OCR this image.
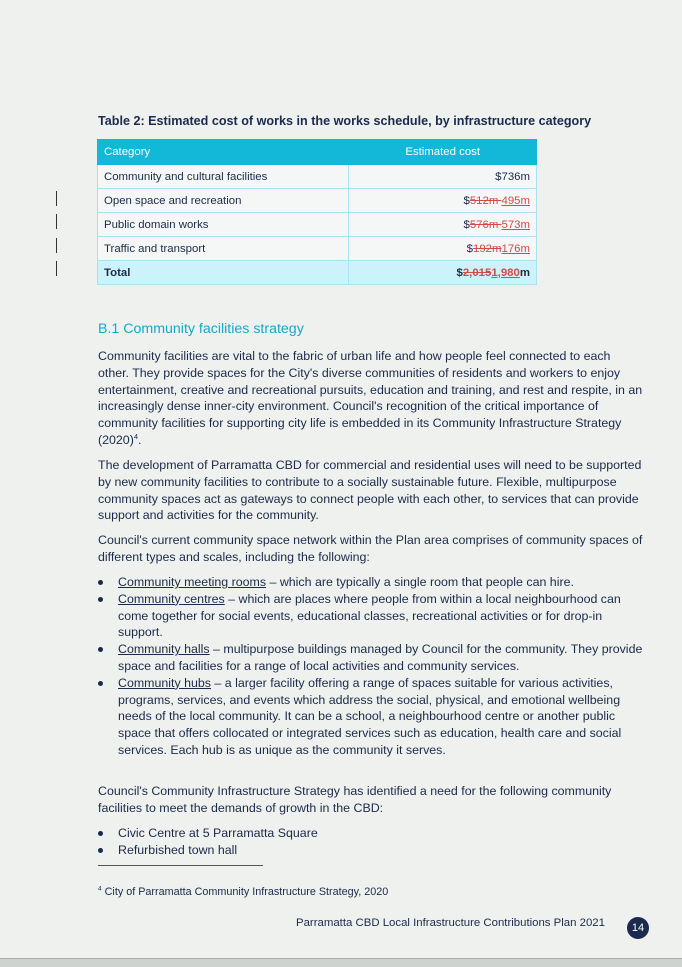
Table 2: Estimated cost of works in the works schedule, by infrastructure category
Category	Estimated cost
Community and cultural facilities	$736m
Open space and recreation	$512m 495m
Public domain works	$576m 573m
Traffic and transport	$192m176m
Total	$2,0151,980m
B.1 Community facilities strategy

Community facilities are vital to the fabric of urban life and how people feel connected to each other. They provide spaces for the City's diverse communities of residents and workers to enjoy entertainment, creative and recreational pursuits, education and training, and rest and respite, in an increasingly dense inner-city environment. Council's recognition of the critical importance of community facilities for supporting city life is embedded in its Community Infrastructure Strategy $(2020)^4$.

The development of Parramatta CBD for commercial and residential uses will need to be supported by new community facilities to contribute to a socially sustainable future. Flexible, multipurpose community spaces act as gateways to connect people with each other, to services that can provide support and activities for the community.

Council's current community space network within the Plan area comprises of community spaces of different types and scales, including the following:

Community meeting rooms – which are typically a single room that people can hire.
Community centres – which are places where people from within a local neighbourhood can come together for social events, educational classes, recreational activities or for drop-in support.
Community halls – multipurpose buildings managed by Council for the community. They provide space and facilities for a range of local activities and community services.
Community hubs – a larger facility offering a range of spaces suitable for various activities, programs, services, and events which address the social, physical, and emotional wellbeing needs of the local community. It can be a school, a neighbourhood centre or another public space that offers collocated or integrated services such as education, health care and social services. Each hub is as unique as the community it serves.

Council's Community Infrastructure Strategy has identified a need for the following community facilities to meet the demands of growth in the CBD:

Civic Centre at 5 Parramatta Square
Refurbished town hall
$^4$ City of Parramatta Community Infrastructure Strategy, 2020
Parramatta CBD Local Infrastructure Contributions Plan 2021	14
